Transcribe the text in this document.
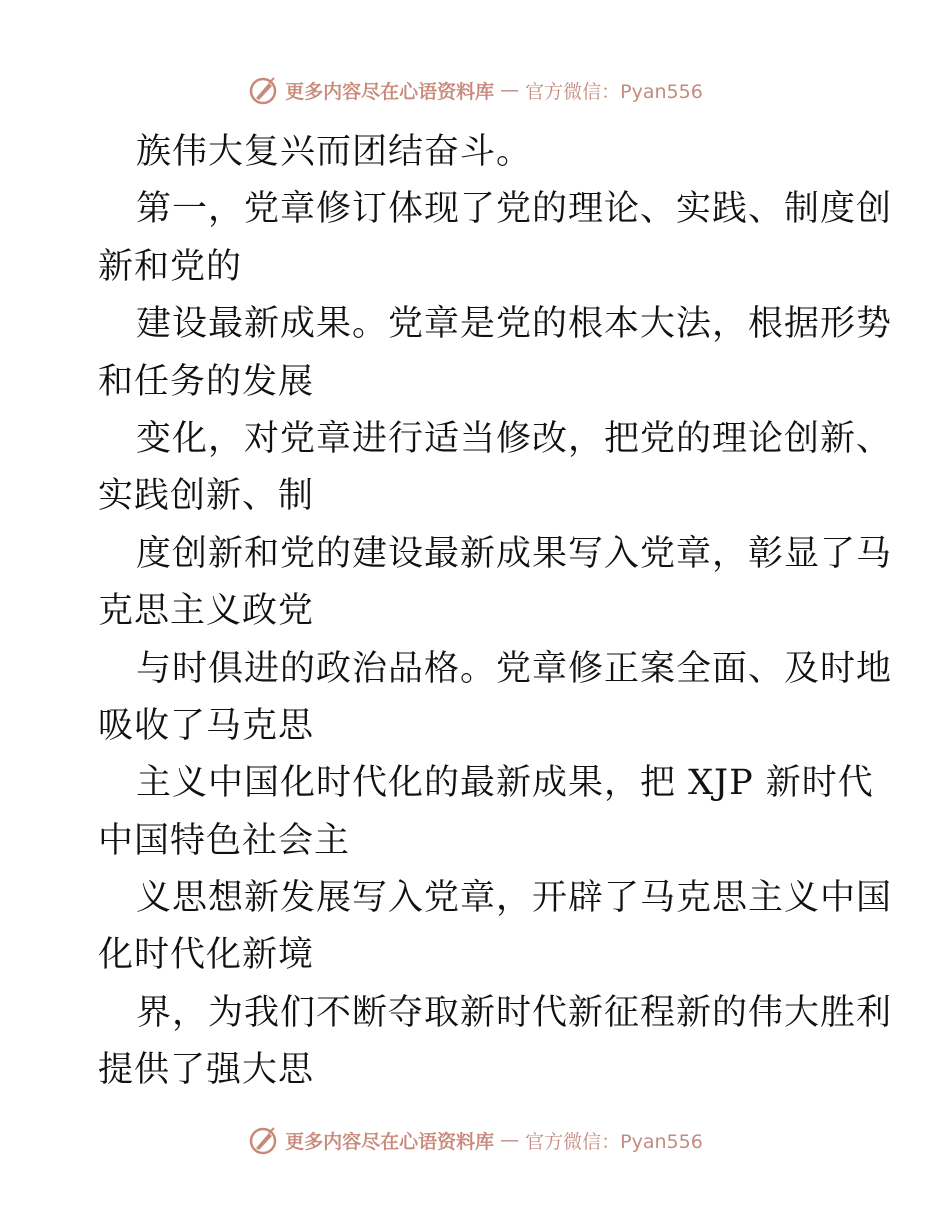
更多内容尽在心语资料库 — 官方微信：Pyan556
族伟大复兴而团结奋斗。
第一，党章修订体现了党的理论、实践、制度创
新和党的
建设最新成果。党章是党的根本大法，根据形势
和任务的发展
变化，对党章进行适当修改，把党的理论创新、
实践创新、制
度创新和党的建设最新成果写入党章，彰显了马
克思主义政党
与时俱进的政治品格。党章修正案全面、及时地
吸收了马克思
主义中国化时代化的最新成果，把 XJP 新时代
中国特色社会主
义思想新发展写入党章，开辟了马克思主义中国
化时代化新境
界，为我们不断夺取新时代新征程新的伟大胜利
提供了强大思
更多内容尽在心语资料库 — 官方微信：Pyan556
